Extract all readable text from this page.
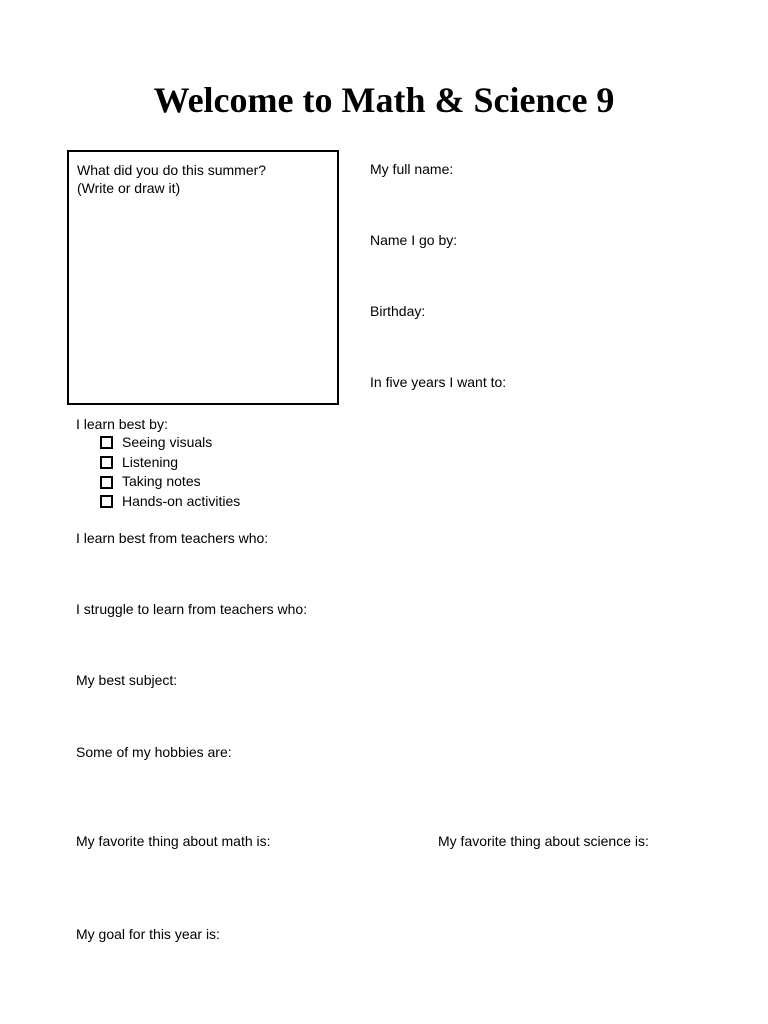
Welcome to Math & Science 9
What did you do this summer?
(Write or draw it)
My full name:
Name I go by:
Birthday:
In five years I want to:
I learn best by:
Seeing visuals
Listening
Taking notes
Hands-on activities
I learn best from teachers who:
I struggle to learn from teachers who:
My best subject:
Some of my hobbies are:
My favorite thing about math is:	My favorite thing about science is:
My goal for this year is:
